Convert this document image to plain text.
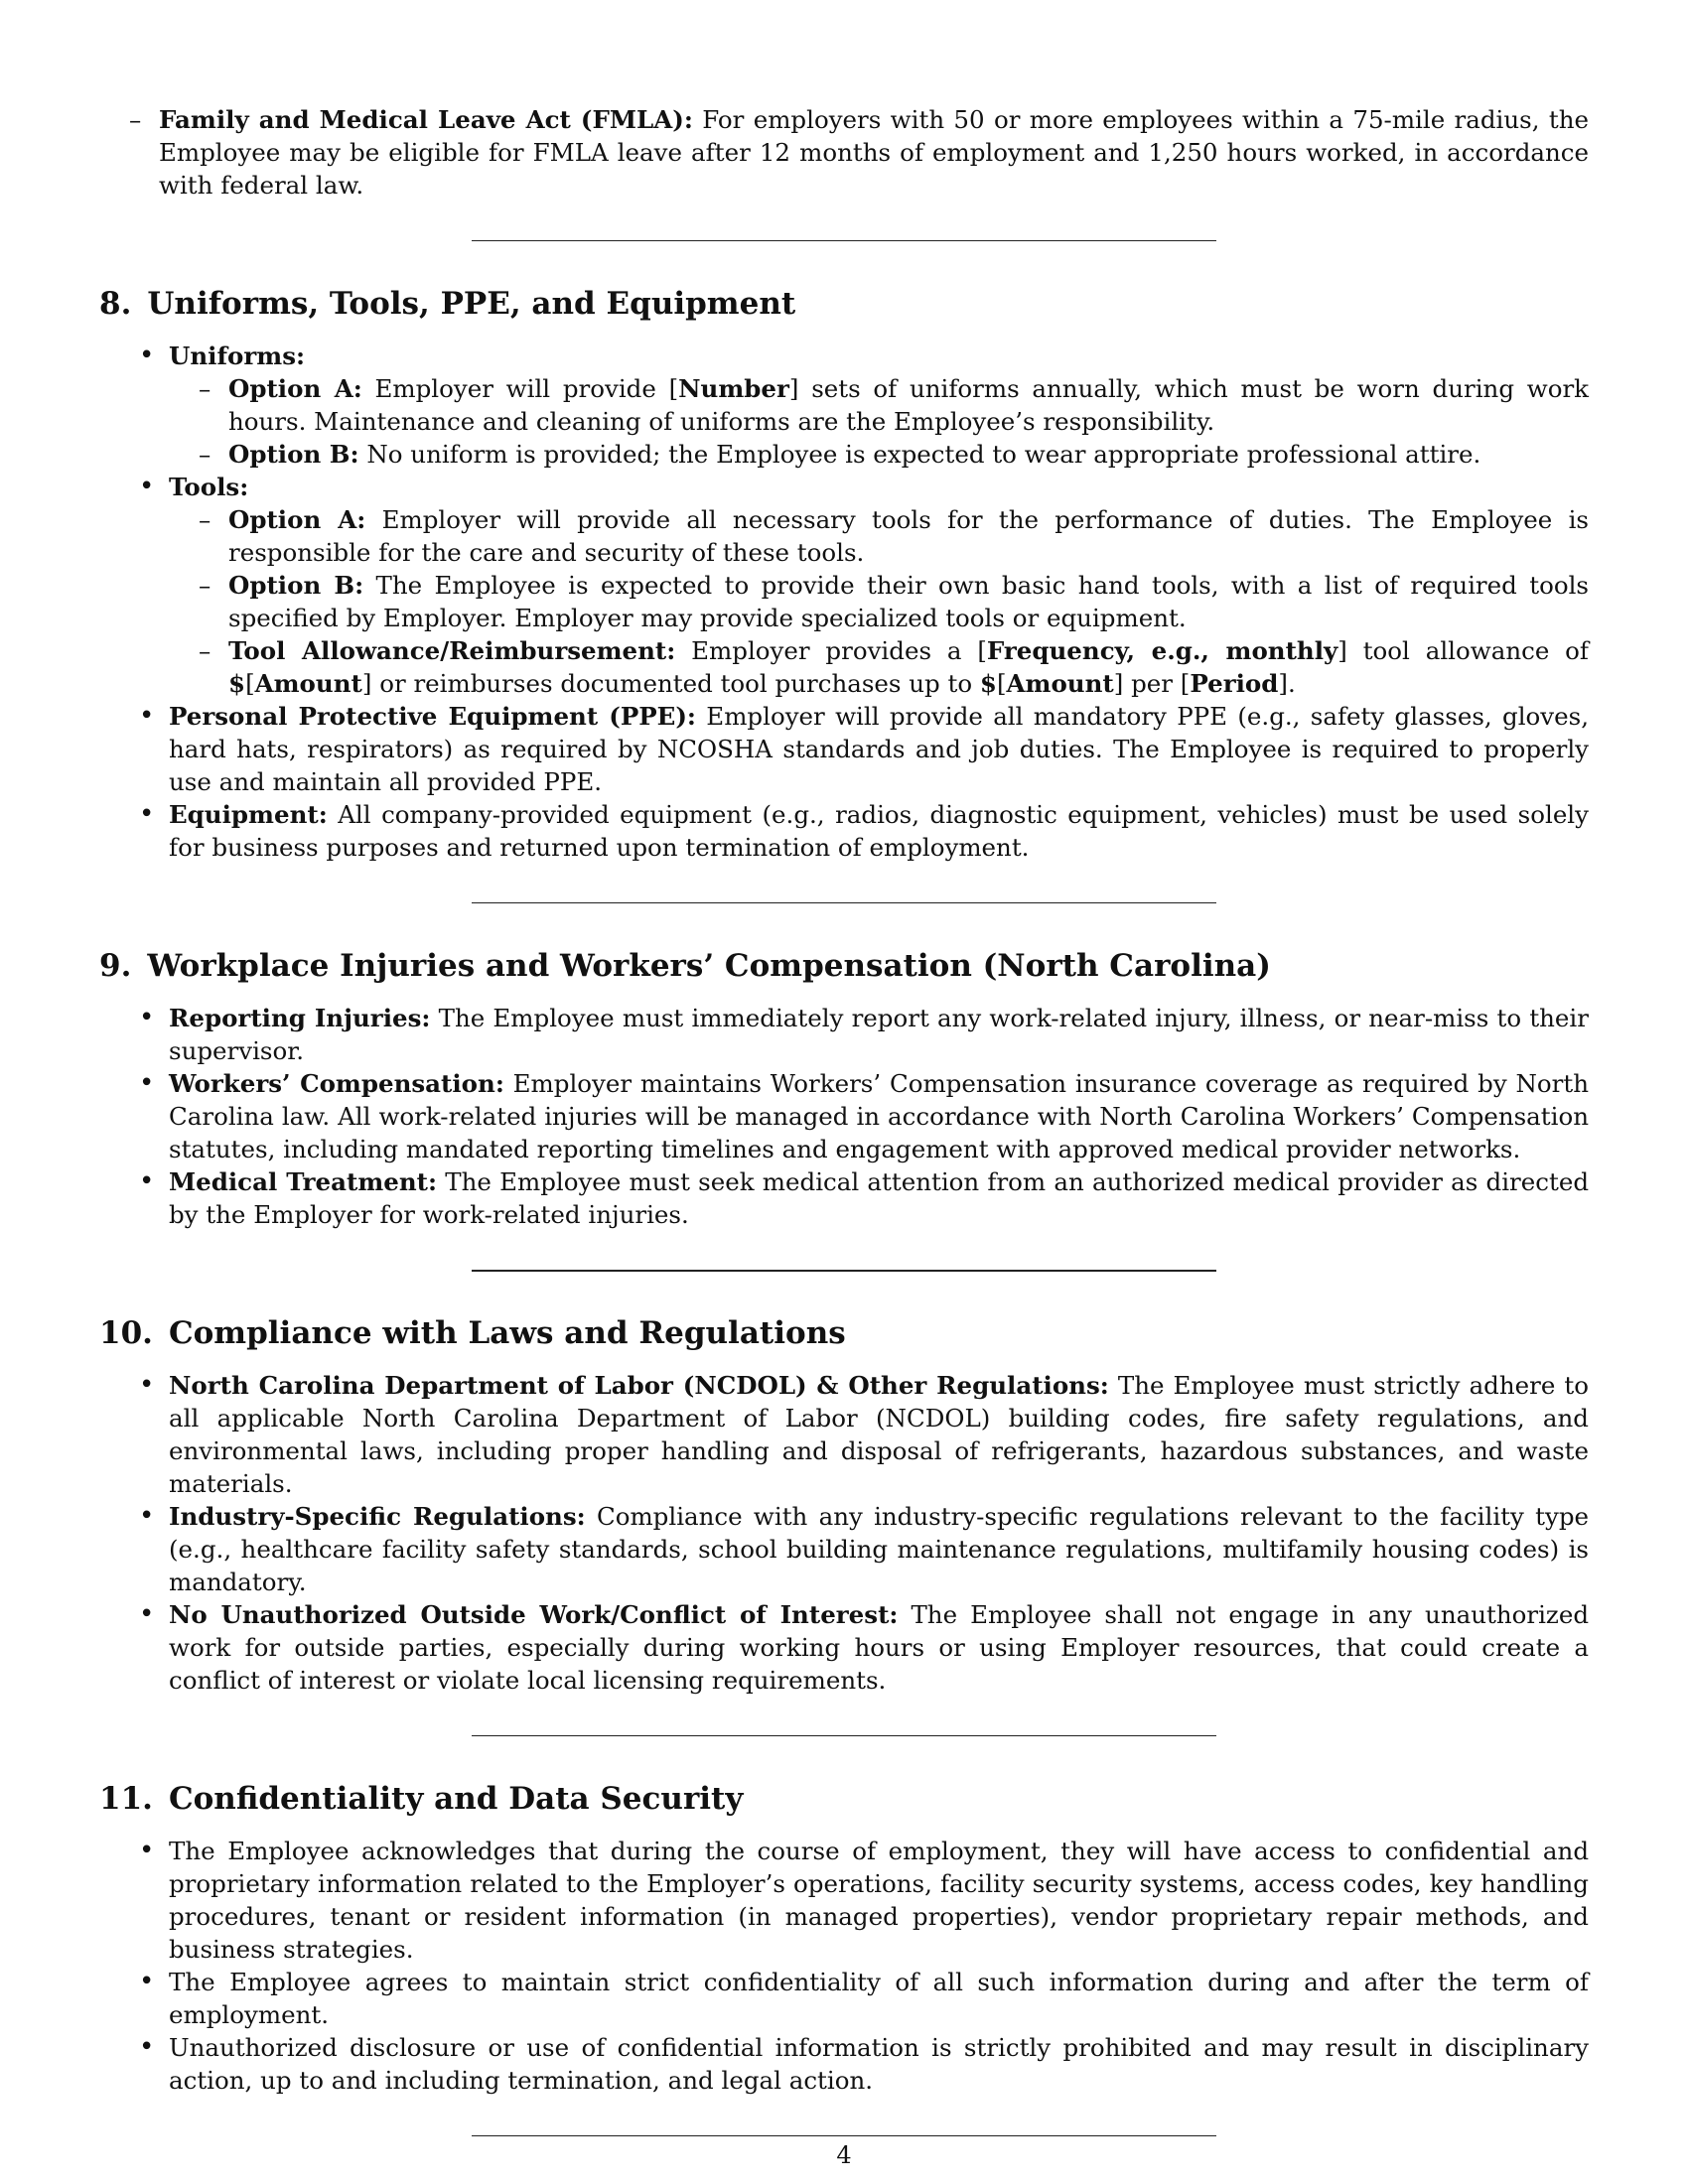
– Family and Medical Leave Act (FMLA): For employers with 50 or more employees within a 75-mile radius, the Employee may be eligible for FMLA leave after 12 months of employment and 1,250 hours worked, in accordance with federal law.
8. Uniforms, Tools, PPE, and Equipment
• Uniforms:
– Option A: Employer will provide [Number] sets of uniforms annually, which must be worn during work hours. Maintenance and cleaning of uniforms are the Employee’s responsibility.
– Option B: No uniform is provided; the Employee is expected to wear appropriate professional attire.
• Tools:
– Option A: Employer will provide all necessary tools for the performance of duties. The Employee is responsible for the care and security of these tools.
– Option B: The Employee is expected to provide their own basic hand tools, with a list of required tools specified by Employer. Employer may provide specialized tools or equipment.
– Tool Allowance/Reimbursement: Employer provides a [Frequency, e.g., monthly] tool allowance of $[Amount] or reimburses documented tool purchases up to $[Amount] per [Period].
• Personal Protective Equipment (PPE): Employer will provide all mandatory PPE (e.g., safety glasses, gloves, hard hats, respirators) as required by NCOSHA standards and job duties. The Employee is required to properly use and maintain all provided PPE.
• Equipment: All company-provided equipment (e.g., radios, diagnostic equipment, vehicles) must be used solely for business purposes and returned upon termination of employment.
9. Workplace Injuries and Workers’ Compensation (North Carolina)
• Reporting Injuries: The Employee must immediately report any work-related injury, illness, or near-miss to their supervisor.
• Workers’ Compensation: Employer maintains Workers’ Compensation insurance coverage as required by North Carolina law. All work-related injuries will be managed in accordance with North Carolina Workers’ Compensation statutes, including mandated reporting timelines and engagement with approved medical provider networks.
• Medical Treatment: The Employee must seek medical attention from an authorized medical provider as directed by the Employer for work-related injuries.
10. Compliance with Laws and Regulations
• North Carolina Department of Labor (NCDOL) & Other Regulations: The Employee must strictly adhere to all applicable North Carolina Department of Labor (NCDOL) building codes, fire safety regulations, and environmental laws, including proper handling and disposal of refrigerants, hazardous substances, and waste materials.
• Industry-Specific Regulations: Compliance with any industry-specific regulations relevant to the facility type (e.g., healthcare facility safety standards, school building maintenance regulations, multifamily housing codes) is mandatory.
• No Unauthorized Outside Work/Conflict of Interest: The Employee shall not engage in any unauthorized work for outside parties, especially during working hours or using Employer resources, that could create a conflict of interest or violate local licensing requirements.
11. Confidentiality and Data Security
• The Employee acknowledges that during the course of employment, they will have access to confidential and proprietary information related to the Employer’s operations, facility security systems, access codes, key handling procedures, tenant or resident information (in managed properties), vendor proprietary repair methods, and business strategies.
• The Employee agrees to maintain strict confidentiality of all such information during and after the term of employment.
• Unauthorized disclosure or use of confidential information is strictly prohibited and may result in disciplinary action, up to and including termination, and legal action.
4
